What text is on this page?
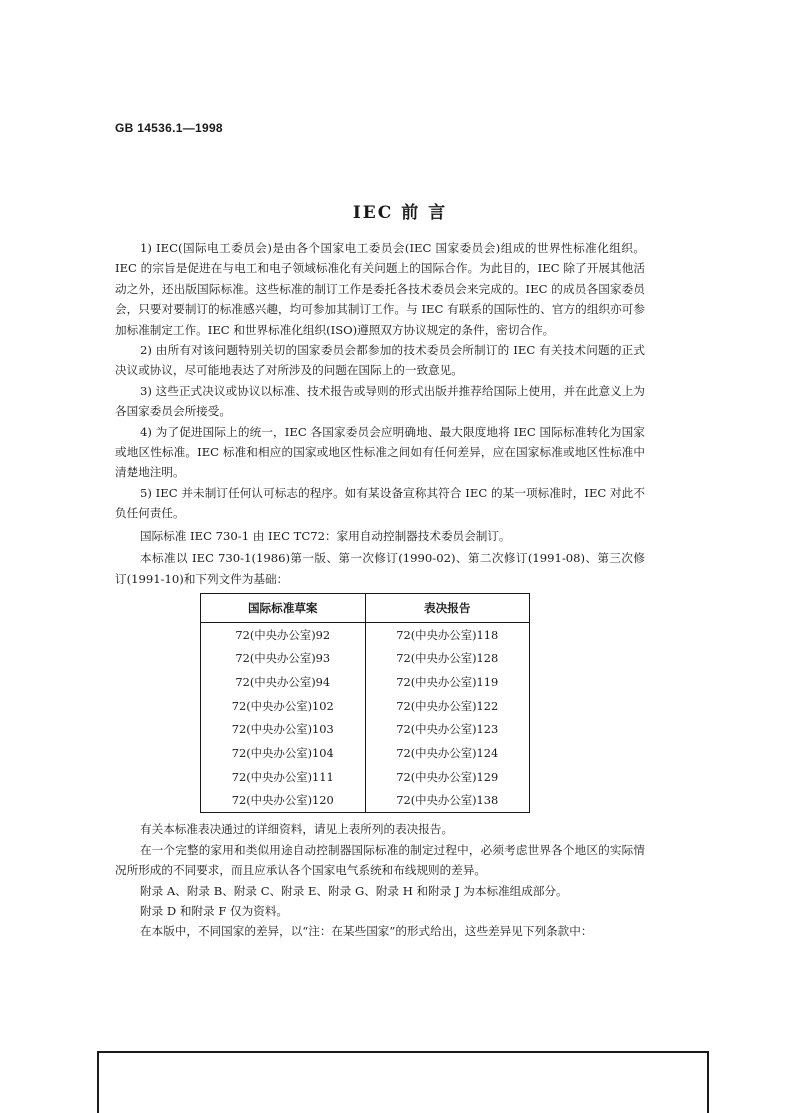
GB 14536.1—1998
IEC 前 言

1) IEC(国际电工委员会)是由各个国家电工委员会(IEC 国家委员会)组成的世界性标准化组织。IEC 的宗旨是促进在与电工和电子领域标准化有关问题上的国际合作。为此目的，IEC 除了开展其他活动之外，还出版国际标准。这些标准的制订工作是委托各技术委员会来完成的。IEC 的成员各国家委员会，只要对要制订的标准感兴趣，均可参加其制订工作。与 IEC 有联系的国际性的、官方的组织亦可参加标准制定工作。IEC 和世界标准化组织(ISO)遵照双方协议规定的条件，密切合作。

2) 由所有对该问题特别关切的国家委员会都参加的技术委员会所制订的 IEC 有关技术问题的正式决议或协议，尽可能地表达了对所涉及的问题在国际上的一致意见。

3) 这些正式决议或协议以标准、技术报告或导则的形式出版并推荐给国际上使用，并在此意义上为各国家委员会所接受。

4) 为了促进国际上的统一，IEC 各国家委员会应明确地、最大限度地将 IEC 国际标准转化为国家或地区性标准。IEC 标准和相应的国家或地区性标准之间如有任何差异，应在国家标准或地区性标准中清楚地注明。

5) IEC 并未制订任何认可标志的程序。如有某设备宣称其符合 IEC 的某一项标准时，IEC 对此不负任何责任。

国际标准 IEC 730-1 由 IEC TC72：家用自动控制器技术委员会制订。

本标准以 IEC 730-1(1986)第一版、第一次修订(1990-02)、第二次修订(1991-08)、第三次修订(1991-10)和下列文件为基础：

国际标准草案	表决报告
72(中央办公室)92	72(中央办公室)118
72(中央办公室)93	72(中央办公室)128
72(中央办公室)94	72(中央办公室)119
72(中央办公室)102	72(中央办公室)122
72(中央办公室)103	72(中央办公室)123
72(中央办公室)104	72(中央办公室)124
72(中央办公室)111	72(中央办公室)129
72(中央办公室)120	72(中央办公室)138

有关本标准表决通过的详细资料，请见上表所列的表决报告。

在一个完整的家用和类似用途自动控制器国际标准的制定过程中，必须考虑世界各个地区的实际情况所形成的不同要求，而且应承认各个国家电气系统和布线规则的差异。

附录 A、附录 B、附录 C、附录 E、附录 G、附录 H 和附录 J 为本标准组成部分。

附录 D 和附录 F 仅为资料。

在本版中，不同国家的差异，以“注：在某些国家”的形式给出，这些差异见下列条款中：
